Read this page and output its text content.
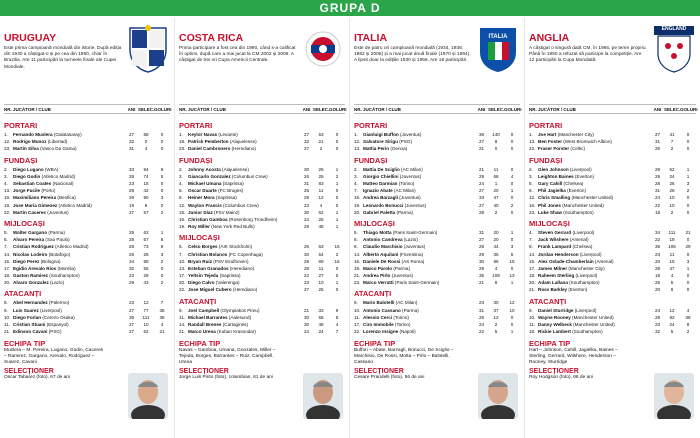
GRUPA D
URUGUAY
Este prima campioană mondială din istorie. După ediția din 1930 a câștigat-o și pe cea din 1950, chiar în Brazilia. Are 11 participări la turneele finale ale Cupei Mondiale.
NR. JUCĂTOR / CLUB	ANI SELEC. GOLURI
PORTARI
1.	Fernando Muslera (Galatasaray)	27	58	0
12. Rodrigo Munoz (Libertad)	32	0	0
23. Martin Silva (Vasco Da Gama)	31	4	0
FUNDAȘI
2.	Diego Lugano (WBA)	33	94	9
3.	Diego Godin (Atletico Madrid)	28	74	5
4.	Sebastian Coates (Nacional)	23	15	0
13. Jorge Fucile (Porto)	29	42	0
16. Maximiliano Pereira (Benfica)	29	90	3
19. Jose Maria Gimenez (Atletico Madrid)	19	6	0
22. Martin Caceres (Juventus)	27	57	2
MIJLOCAȘI
5.	Walter Gargano (Parma)	29	63	1
6.	Alvaro Pereira (Sao Paulo)	28	57	6
7.	Cristian Rodriguez (Atletico Madrid)	28	73	8
14. Nicolas Lodeiro (Botafogo)	25	26	3
15. Diego Perez (Bologna)	34	89	2
17. Egidio Arevalo Rios (Morelia)	32	55	0
18. Gaston Ramirez (Southampton)	23	29	0
20. Alvaro Gonzalez (Lazio)	29	43	2
ATACANȚI
8.	Abel Hernandez (Palermo)	23	12	7
9.	Luis Suarez (Liverpool)	27	77	38
10. Diego Forlan (Cerezo Osaka)	35	111	36
11. Cristian Stuani (Espanyol)	27	10	4
21. Edinson Cavani (PSG)	27	62	21
ECHIPA TIP
Muslera – M. Pereira, Lugano, Godin, Caceres – Ramirez, Gargano, Arevalo, Rodriguez – Suarez, Cavani
SELECȚIONER
Oscar Tabarez (foto), 67 de ani
COSTA RICA
Prima participare a fost cea din 1990, când s-a calificat în optimi, după care a mai jucat la CM 2002 și 2006. A câștigat de trei ori Cupa Americii Centrale.
NR. JUCĂTOR / CLUB	ANI SELEC. GOLURI
PORTARI
1.	Keylor Navas (Levante)	27	53	0
18. Patrick Pemberton (Alajuelense)	32	21	0
23. Daniel Cambronero (Herediano)	27	2	0
FUNDAȘI
2.	Johnny Acosta (Alajuelense)	30	25	1
3.	Giancarlo Gonzalez (Columbus Crew)	26	25	2
4.	Michael Umana (Saprissa)	31	83	1
6.	Oscar Duarte (FC Bruges)	25	11	0
8.	Heiner Mora (Saprissa)	29	12	0
12. Waylon Francis (Columbus Crew)	23	4	0
15. Junior Diaz (FSV Mainz)	30	62	1
16. Christian Gamboa (Rosenborg Trondheim)	24	25	1
19. Roy Miller (New York Red Bulls)	29	48	1
MIJLOCAȘI
5.	Celso Borges (AIK Stockholm)	26	63	15
7.	Christian Bolanos (FC Copenhaga)	30	54	2
10. Bryan Ruiz (PSV Eindhoven)	28	69	16
13. Esteban Granados (Herediano)	28	11	0
17. Yeltsin Tejeda (Saprissa)	22	27	0
20. Diego Calvo (Valerenga)	23	10	1
22. Jose Miguel Cubero (Herediano)	27	25	0
ATACANȚI
9.	Joel Campbell (Olympiakos Pireu)	21	33	9
11. Michael Barrantes (Aalesund)	30	55	5
14. Randall Brenes (Cartagines)	30	46	4
21. Marco Urena (Kuban Krasnodar)	24	24	7
ECHIPA TIP
Navas – Gamboa, Umana, Gonzales, Miller – Tejeda, Borges, Barrantes – Ruiz, Campbell, Urena
SELECȚIONER
Jorge Luis Pinto (foto), columbian, 61 de ani
ITALIA
Este de patru ori campioană mondială (1934, 1938, 1982 și 2006) și a mai jucat două finale (1970 și 1994). A lipsit doar la edițiile 1930 și 1958. Are 18 participări.
ITALIA
NR. JUCĂTOR / CLUB	ANI SELEC. GOLURI
PORTARI
1.	Gianluigi Buffon (Juventus)	36	140	0
12. Salvatore Sirigu (PSG)	27	8	0
13. Mattia Perin (Genoa)	21	0	0
FUNDAȘI
2.	Mattia De Sciglio (AC Milan)	21	11	0
3.	Giorgio Chiellini (Juventus)	29	68	4
4.	Matteo Darmian (Torino)	24	1	0
7.	Ignazio Abate (AC Milan)	27	20	1
15. Andrea Barzagli (Juventus)	33	47	0
19. Leonardo Bonucci (Juventus)	27	40	2
20. Gabriel Paletta (Parma)	28	2	0
MIJLOCAȘI
5.	Thiago Motta (Paris Saint-Germain)	31	20	1
6.	Antonio Candreva (Lazio)	27	20	0
8.	Claudio Marchisio (Juventus)	28	44	3
14. Alberto Aquilani (Fiorentina)	29	35	5
16. Daniele De Rossi (AS Roma)	30	96	15
18. Marco Parolo (Parma)	29	4	0
21. Andrea Pirlo (Juventus)	35	109	13
23. Marco Verratti (Paris Saint-Germain)	21	6	1
ATACANȚI
9.	Mario Balotelli (AC Milan)	23	30	12
10. Antonio Cassano (Parma)	31	37	10
11. Alessio Cerci (Torino)	26	12	0
17. Ciro Immobile (Torino)	24	2	0
22. Lorenzo Insigne (Napoli)	22	5	1
ECHIPA TIP
Buffon – Abate, Barzagli, Bonucci, De Sciglio – Marchisio, De Rossi, Motta – Pirlo – Balotelli, Cassano
SELECȚIONER
Cesare Prandelli (foto), 56 de ani
ANGLIA
A câștigat o singură dată CM, în 1966, pe teren propriu. Până în 1950 a refuzat să participe la competiție. Are 12 participări la Cupa Mondială.
ENGLAND
NR. JUCĂTOR / CLUB	ANI SELEC. GOLURI
PORTARI
1.	Joe Hart (Manchester City)	27	41	0
13. Ben Foster (West Bromwich Albion)	31	7	0
22. Fraser Forster (Celtic)	26	2	0
FUNDAȘI
2.	Glen Johnson (Liverpool)	29	52	1
3.	Leighton Baines (Everton)	29	24	1
5.	Gary Cahill (Chelsea)	28	26	3
6.	Phil Jagielka (Everton)	31	26	2
12. Chris Smalling (Manchester United)	24	10	0
16. Phil Jones (Manchester United)	22	10	0
23. Luke Shaw (Southampton)	18	2	0
MIJLOCAȘI
4.	Steven Gerrard (Liverpool)	34	111	21
7.	Jack Wilshere (Arsenal)	22	18	0
8.	Frank Lampard (Chelsea)	35	105	29
14. Jordan Henderson (Liverpool)	23	11	0
15. Alex Oxlade-Chamberlain (Arsenal)	20	15	3
17. James Milner (Manchester City)	28	47	1
19. Raheem Sterling (Liverpool)	19	4	0
20. Adam Lallana (Southampton)	26	5	0
21. Ross Barkley (Everton)	20	6	0
ATACANȚI
9.	Daniel Sturridge (Liverpool)	24	12	4
10. Wayne Rooney (Manchester United)	28	92	38
11. Danny Welbeck (Manchester United)	23	24	8
18. Rickie Lambert (Southampton)	32	5	2
ECHIPA TIP
Hart – Johnson, Cahill, Jagielka, Baines – Sterling, Gerrard, Wilshere, Henderson – Rooney, Sturridge
SELECȚIONER
Roy Hodgson (foto), 66 de ani
